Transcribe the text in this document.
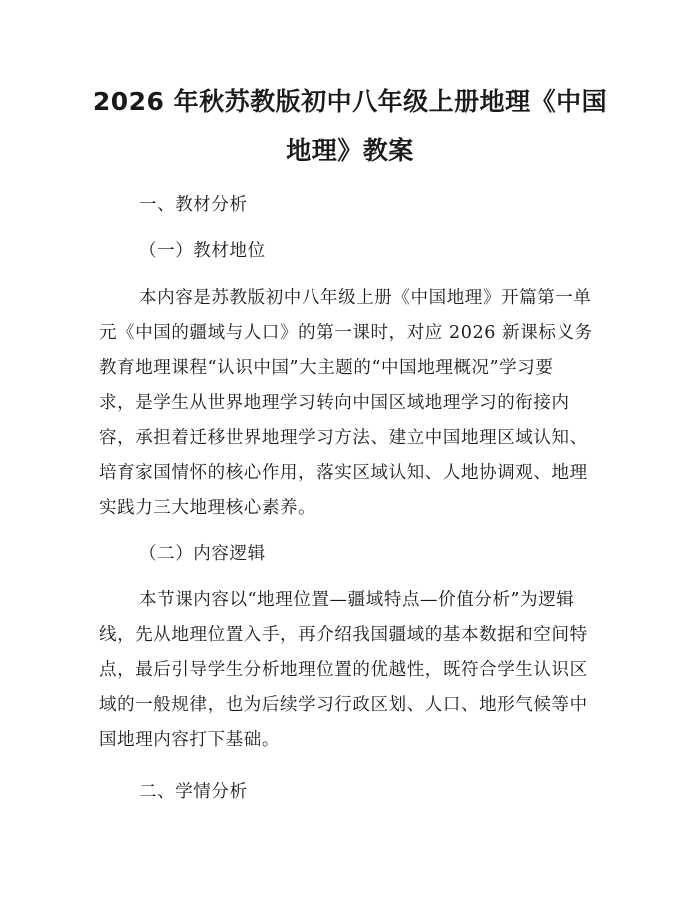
2026 年秋苏教版初中八年级上册地理《中国
地理》教案
一、教材分析
（一）教材地位
本内容是苏教版初中八年级上册《中国地理》开篇第一单
元《中国的疆域与人口》的第一课时，对应 2026 新课标义务
教育地理课程“认识中国”大主题的“中国地理概况”学习要
求，是学生从世界地理学习转向中国区域地理学习的衔接内
容，承担着迁移世界地理学习方法、建立中国地理区域认知、
培育家国情怀的核心作用，落实区域认知、人地协调观、地理
实践力三大地理核心素养。
（二）内容逻辑
本节课内容以“地理位置—疆域特点—价值分析”为逻辑
线，先从地理位置入手，再介绍我国疆域的基本数据和空间特
点，最后引导学生分析地理位置的优越性，既符合学生认识区
域的一般规律，也为后续学习行政区划、人口、地形气候等中
国地理内容打下基础。
二、学情分析
